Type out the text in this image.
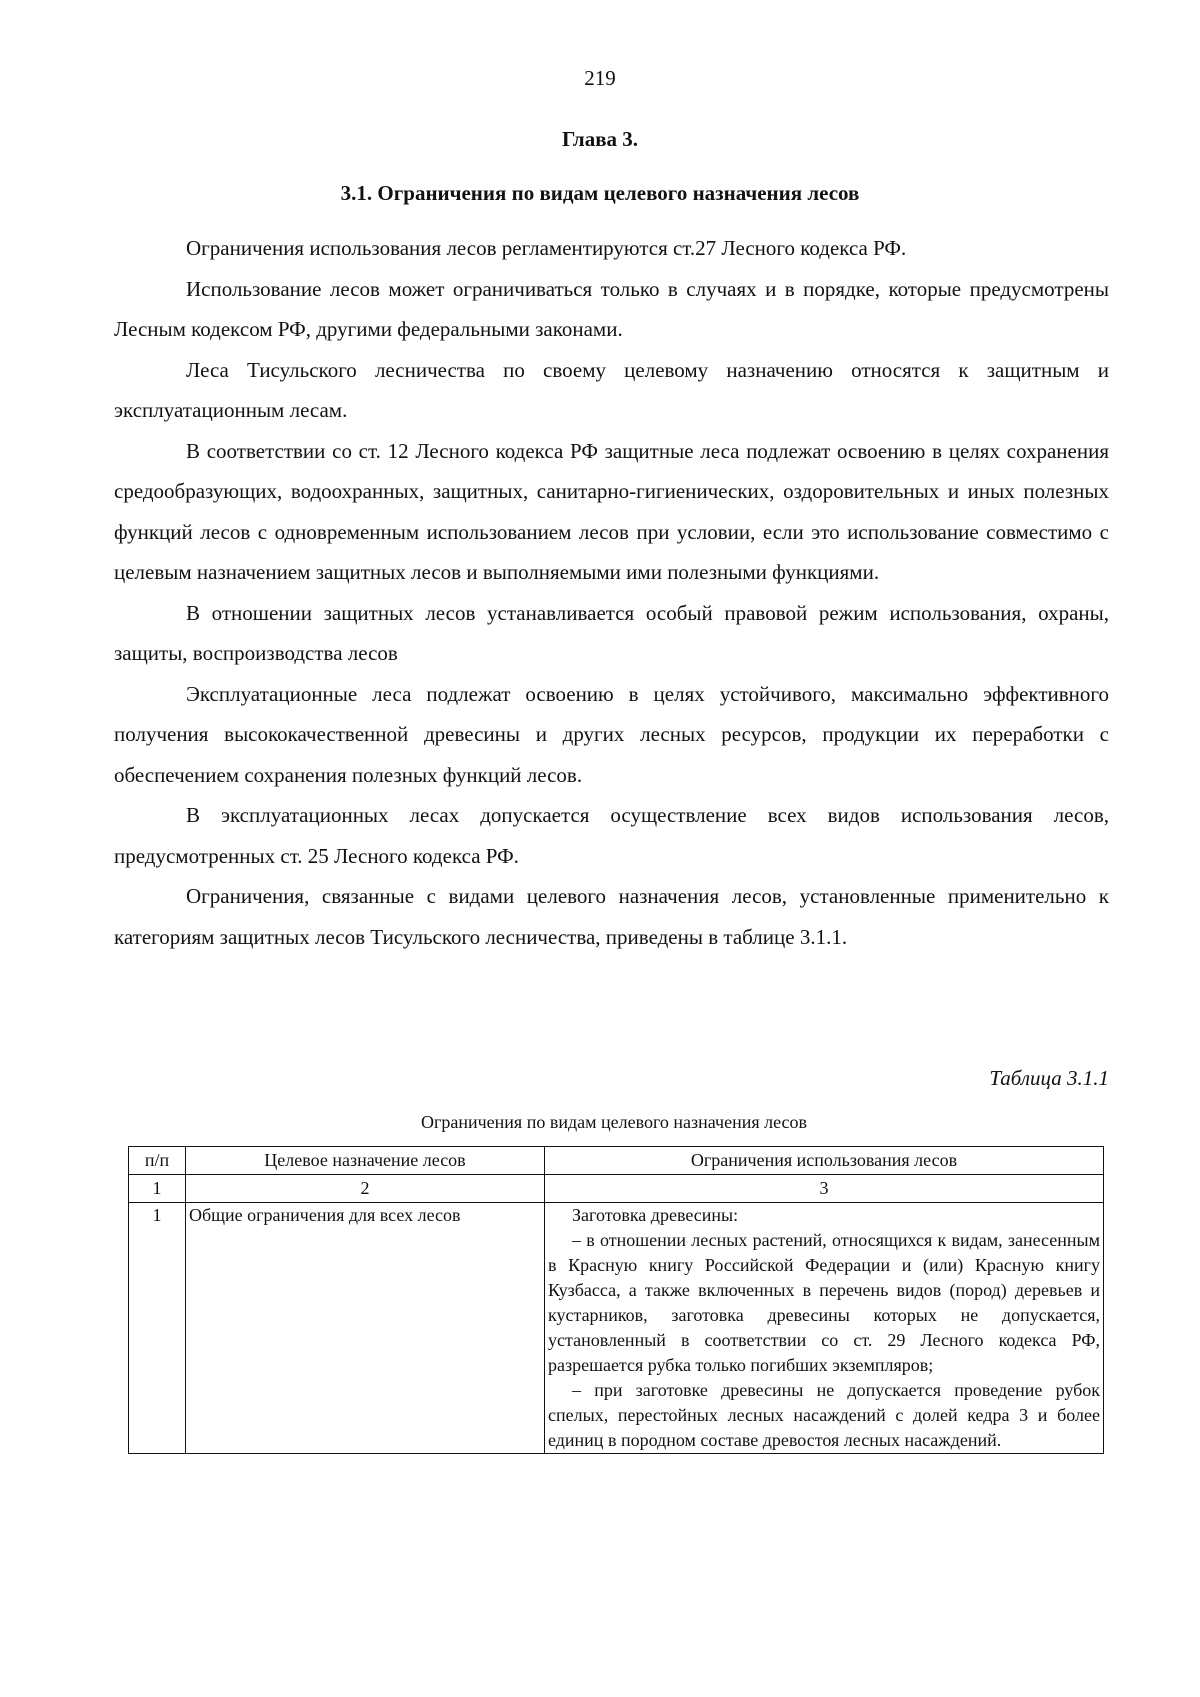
219
Глава 3.
3.1. Ограничения по видам целевого назначения лесов

Ограничения использования лесов регламентируются ст.27 Лесного кодекса РФ.

Использование лесов может ограничиваться только в случаях и в порядке, которые предусмотрены Лесным кодексом РФ, другими федеральными законами.

Леса Тисульского лесничества по своему целевому назначению относятся к защитным и эксплуатационным лесам.

В соответствии со ст. 12 Лесного кодекса РФ защитные леса подлежат освоению в целях сохранения средообразующих, водоохранных, защитных, санитарно-гигиенических, оздоровительных и иных полезных функций лесов с одновременным использованием лесов при условии, если это использование совместимо с целевым назначением защитных лесов и выполняемыми ими полезными функциями.

В отношении защитных лесов устанавливается особый правовой режим использования, охраны, защиты, воспроизводства лесов

Эксплуатационные леса подлежат освоению в целях устойчивого, максимально эффективного получения высококачественной древесины и других лесных ресурсов, продукции их переработки с обеспечением сохранения полезных функций лесов.

В эксплуатационных лесах допускается осуществление всех видов использования лесов, предусмотренных ст. 25 Лесного кодекса РФ.

Ограничения, связанные с видами целевого назначения лесов, установленные применительно к категориям защитных лесов Тисульского лесничества, приведены в таблице 3.1.1.

Таблица 3.1.1
Ограничения по видам целевого назначения лесов
п/п	Целевое назначение лесов	Ограничения использования лесов
1	2	3
1	Общие ограничения для всех лесов	Заготовка древесины:

– в отношении лесных растений, относящихся к видам, занесенным в Красную книгу Российской Федерации и (или) Красную книгу Кузбасса, а также включенных в перечень видов (пород) деревьев и кустарников, заготовка древесины которых не допускается, установленный в соответствии со ст. 29 Лесного кодекса РФ, разрешается рубка только погибших экземпляров;

– при заготовке древесины не допускается проведение рубок спелых, перестойных лесных насаждений с долей кедра 3 и более единиц в породном составе древостоя лесных насаждений.
